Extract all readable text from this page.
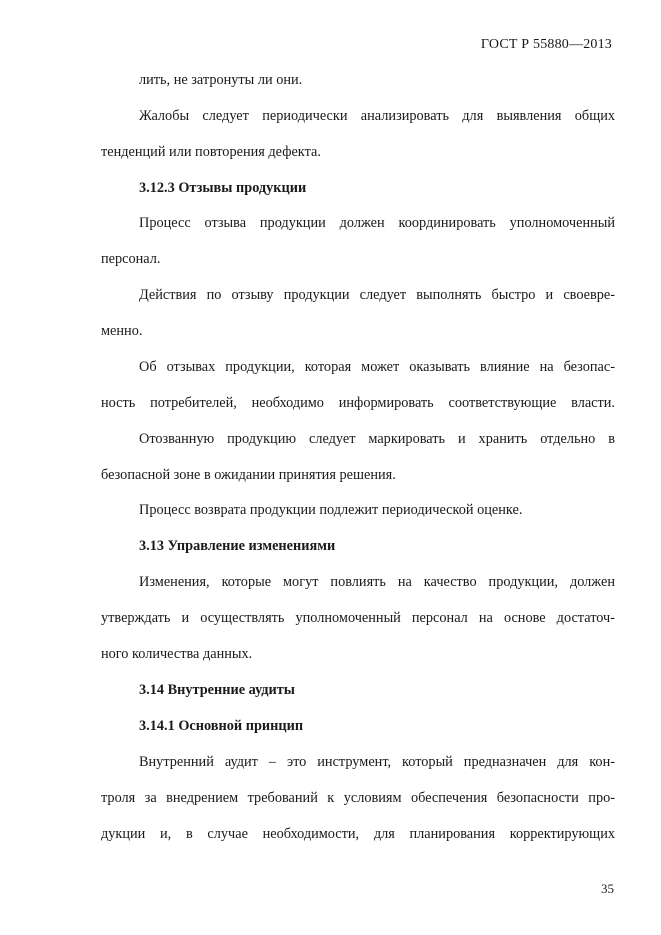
ГОСТ Р 55880—2013
лить, не затронуты ли они.
Жалобы следует периодически анализировать для выявления общих
тенденций или повторения дефекта.
3.12.3 Отзывы продукции
Процесс отзыва продукции должен координировать уполномоченный
персонал.
Действия по отзыву продукции следует выполнять быстро и своевре-
менно.
Об отзывах продукции, которая может оказывать влияние на безопас-
ность потребителей, необходимо информировать соответствующие власти.
Отозванную продукцию следует маркировать и хранить отдельно в
безопасной зоне в ожидании принятия решения.
Процесс возврата продукции подлежит периодической оценке.
3.13 Управление изменениями
Изменения, которые могут повлиять на качество продукции, должен
утверждать и осуществлять уполномоченный персонал на основе достаточ-
ного количества данных.
3.14 Внутренние аудиты
3.14.1 Основной принцип
Внутренний аудит – это инструмент, который предназначен для кон-
троля за внедрением требований к условиям обеспечения безопасности про-
дукции и, в случае необходимости, для планирования корректирующих
35
